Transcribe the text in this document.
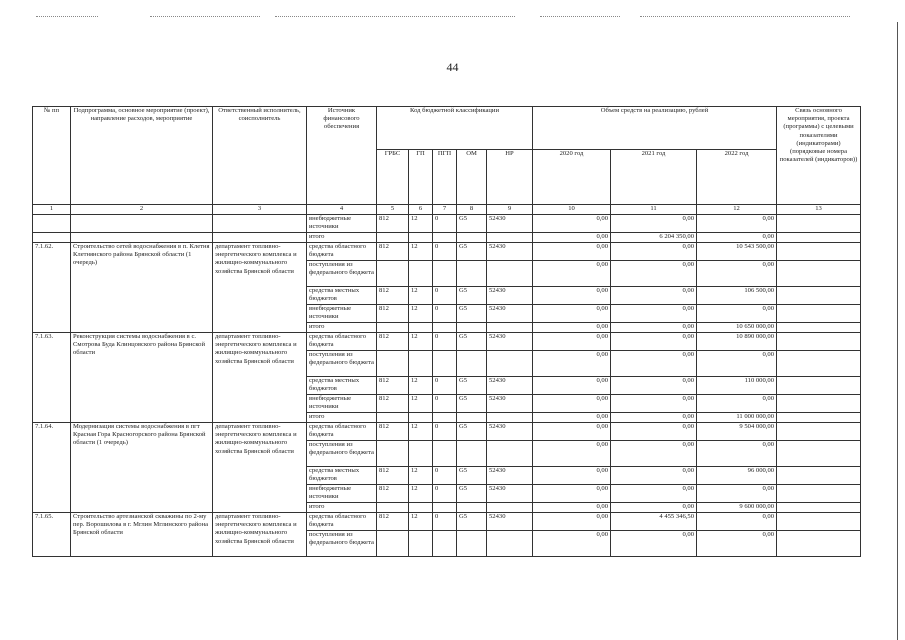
44
№ пп	Подпрограмма, основное мероприятие (проект), направление расходов, мероприятие	Ответственный исполнитель, соисполнитель	Источник финансового обеспечения	Код бюджетной классификации					Объем средств на реализацию, рублей			Связь основного мероприятия, проекта (программы) с целевыми показателями (индикаторами) (порядковые номера показателей (индикаторов))
				ГРБС	ГП	ПГП	ОМ	НР	2020 год	2021 год	2022 год	
1	2	3	4	5	6	7	8	9	10	11	12	13
			внебюджетные источники	812	12	0	G5	52430	0,00	0,00	0,00	
			итого						0,00	6 204 350,00	0,00	
7.1.62.	Строительство сетей водоснабжения в п. Клетня Клетнянского района Брянской области (1 очередь)	департамент топливно-энергетического комплекса и жилищно-коммунального хозяйства Брянской области	средства областного бюджета	812	12	0	G5	52430	0,00	0,00	10 543 500,00	
			поступления из федерального бюджета						0,00	0,00	0,00	
			средства местных бюджетов	812	12	0	G5	52430	0,00	0,00	106 500,00	
			внебюджетные источники	812	12	0	G5	52430	0,00	0,00	0,00	
			итого						0,00	0,00	10 650 000,00	
7.1.63.	Реконструкция системы водоснабжения в с. Смотрова Буда Клинцовского района Брянской области	департамент топливно-энергетического комплекса и жилищно-коммунального хозяйства Брянской области	средства областного бюджета	812	12	0	G5	52430	0,00	0,00	10 890 000,00	
			поступления из федерального бюджета						0,00	0,00	0,00	
			средства местных бюджетов	812	12	0	G5	52430	0,00	0,00	110 000,00	
			внебюджетные источники	812	12	0	G5	52430	0,00	0,00	0,00	
			итого						0,00	0,00	11 000 000,00	
7.1.64.	Модернизация системы водоснабжения в пгт Красная Гора Красногорского района Брянской области (1 очередь)	департамент топливно-энергетического комплекса и жилищно-коммунального хозяйства Брянской области	средства областного бюджета	812	12	0	G5	52430	0,00	0,00	9 504 000,00	
			поступления из федерального бюджета						0,00	0,00	0,00	
			средства местных бюджетов	812	12	0	G5	52430	0,00	0,00	96 000,00	
			внебюджетные источники	812	12	0	G5	52430	0,00	0,00	0,00	
			итого						0,00	0,00	9 600 000,00	
7.1.65.	Строительство артезианской скважины по 2-му пер. Ворошилова в г. Мглин Мглинского района Брянской области	департамент топливно-энергетического комплекса и жилищно-коммунального хозяйства Брянской области	средства областного бюджета	812	12	0	G5	52430	0,00	4 455 346,50	0,00	
			поступления из федерального бюджета						0,00	0,00	0,00	
